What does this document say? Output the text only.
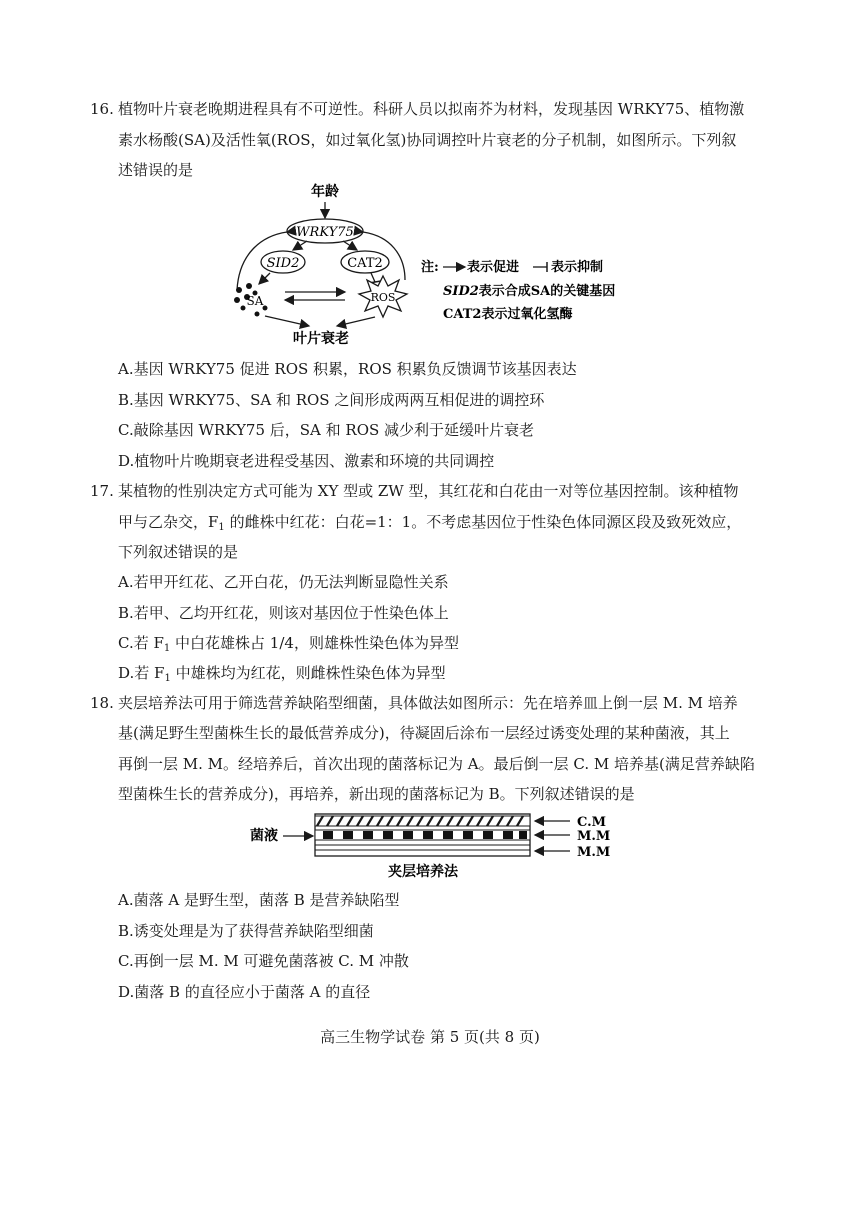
16. 植物叶片衰老晚期进程具有不可逆性。科研人员以拟南芥为材料，发现基因 WRKY75、植物激
素水杨酸(SA)及活性氧(ROS，如过氧化氢)协同调控叶片衰老的分子机制，如图所示。下列叙
述错误的是
年龄
WRKY75
SID2	CAT2
SA	ROS
叶片衰老
注: 表示促进 表示抑制
SID2表示合成SA的关键基因
CAT2表示过氧化氢酶
A.基因 WRKY75 促进 ROS 积累，ROS 积累负反馈调节该基因表达
B.基因 WRKY75、SA 和 ROS 之间形成两两互相促进的调控环
C.敲除基因 WRKY75 后，SA 和 ROS 减少利于延缓叶片衰老
D.植物叶片晚期衰老进程受基因、激素和环境的共同调控
17. 某植物的性别决定方式可能为 XY 型或 ZW 型，其红花和白花由一对等位基因控制。该种植物
甲与乙杂交，$F_1$ 的雌株中红花：白花=1：1。不考虑基因位于性染色体同源区段及致死效应，
下列叙述错误的是
A.若甲开红花、乙开白花，仍无法判断显隐性关系
B.若甲、乙均开红花，则该对基因位于性染色体上
C.若 $F_1$ 中白花雄株占 1/4，则雄株性染色体为异型
D.若 $F_1$ 中雄株均为红花，则雌株性染色体为异型
18. 夹层培养法可用于筛选营养缺陷型细菌，具体做法如图所示：先在培养皿上倒一层 M. M 培养
基(满足野生型菌株生长的最低营养成分)，待凝固后涂布一层经过诱变处理的某种菌液，其上
再倒一层 M. M。经培养后，首次出现的菌落标记为 A。最后倒一层 C. M 培养基(满足营养缺陷
型菌株生长的营养成分)，再培养，新出现的菌落标记为 B。下列叙述错误的是
菌液
C.M
M.M
M.M
夹层培养法
A.菌落 A 是野生型，菌落 B 是营养缺陷型
B.诱变处理是为了获得营养缺陷型细菌
C.再倒一层 M. M 可避免菌落被 C. M 冲散
D.菌落 B 的直径应小于菌落 A 的直径
高三生物学试卷 第 5 页(共 8 页)
